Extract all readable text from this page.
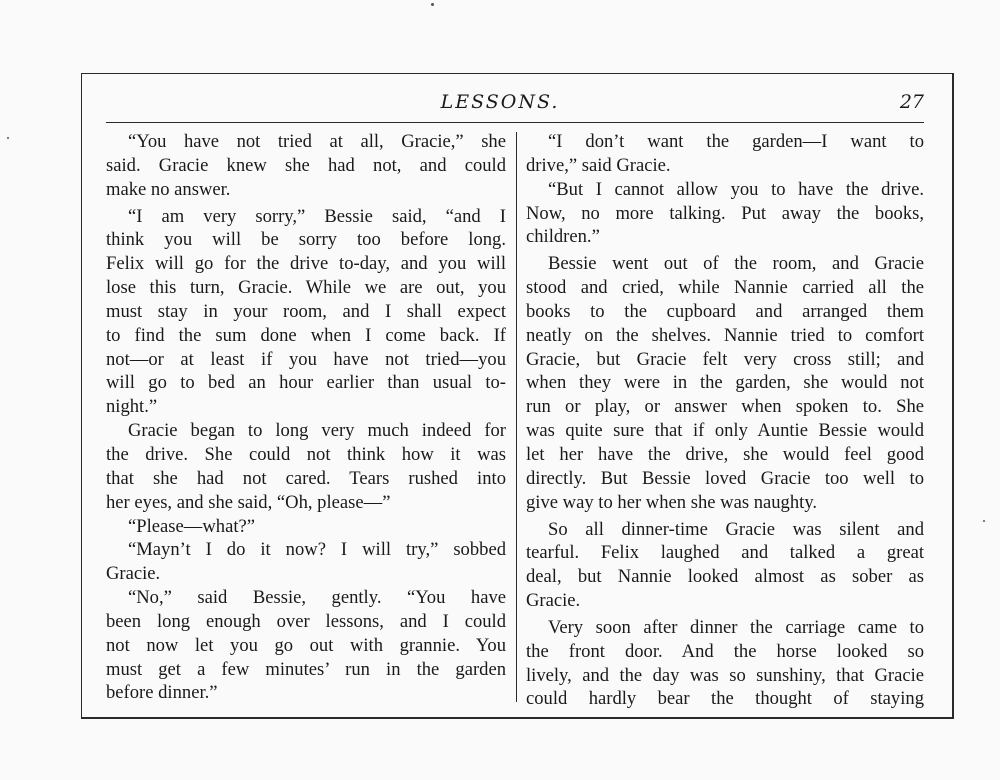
LESSONS.	27
“You have not tried at all, Gracie,” she
said. Gracie knew she had not, and could
make no answer.
“I am very sorry,” Bessie said, “and I
think you will be sorry too before long.
Felix will go for the drive to-day, and you will
lose this turn, Gracie. While we are out, you
must stay in your room, and I shall expect
to find the sum done when I come back. If
not—or at least if you have not tried—you
will go to bed an hour earlier than usual to-
night.”
Gracie began to long very much indeed for
the drive. She could not think how it was
that she had not cared. Tears rushed into
her eyes, and she said, “Oh, please—”
“Please—what?”
“Mayn’t I do it now? I will try,” sobbed
Gracie.
“No,” said Bessie, gently. “You have
been long enough over lessons, and I could
not now let you go out with grannie. You
must get a few minutes’ run in the garden
before dinner.”
“I don’t want the garden—I want to
drive,” said Gracie.
“But I cannot allow you to have the drive.
Now, no more talking. Put away the books,
children.”
Bessie went out of the room, and Gracie
stood and cried, while Nannie carried all the
books to the cupboard and arranged them
neatly on the shelves. Nannie tried to comfort
Gracie, but Gracie felt very cross still; and
when they were in the garden, she would not
run or play, or answer when spoken to. She
was quite sure that if only Auntie Bessie would
let her have the drive, she would feel good
directly. But Bessie loved Gracie too well to
give way to her when she was naughty.
So all dinner-time Gracie was silent and
tearful. Felix laughed and talked a great
deal, but Nannie looked almost as sober as
Gracie.
Very soon after dinner the carriage came to
the front door. And the horse looked so
lively, and the day was so sunshiny, that Gracie
could hardly bear the thought of staying
